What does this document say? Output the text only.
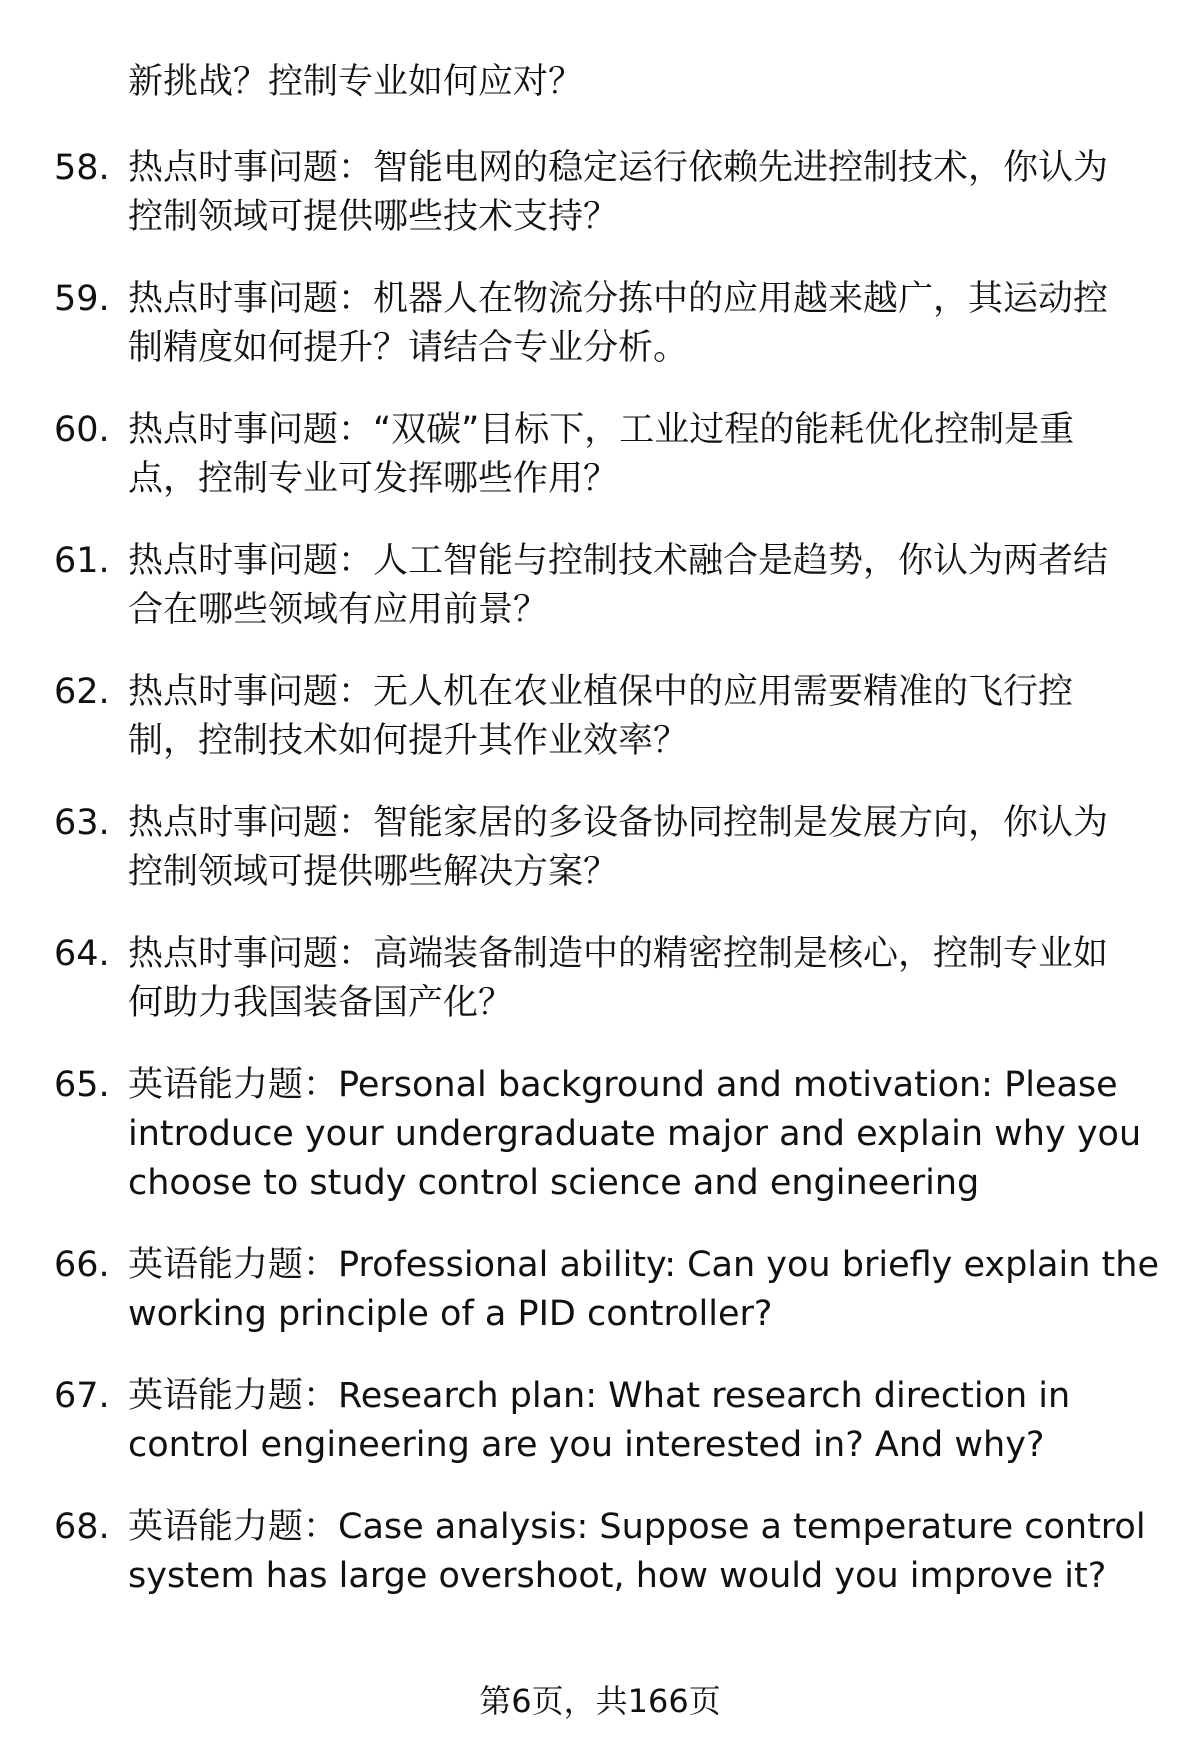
新挑战？控制专业如何应对？
58. 热点时事问题：智能电网的稳定运行依赖先进控制技术，你认为
控制领域可提供哪些技术支持？
59. 热点时事问题：机器人在物流分拣中的应用越来越广，其运动控
制精度如何提升？请结合专业分析。
60. 热点时事问题：“双碳”目标下，工业过程的能耗优化控制是重
点，控制专业可发挥哪些作用？
61. 热点时事问题：人工智能与控制技术融合是趋势，你认为两者结
合在哪些领域有应用前景？
62. 热点时事问题：无人机在农业植保中的应用需要精准的飞行控
制，控制技术如何提升其作业效率？
63. 热点时事问题：智能家居的多设备协同控制是发展方向，你认为
控制领域可提供哪些解决方案？
64. 热点时事问题：高端装备制造中的精密控制是核心，控制专业如
何助力我国装备国产化？
65. 英语能力题：Personal background and motivation: Please
introduce your undergraduate major and explain why you
choose to study control science and engineering
66. 英语能力题：Professional ability: Can you briefly explain the
working principle of a PID controller?
67. 英语能力题：Research plan: What research direction in
control engineering are you interested in? And why?
68. 英语能力题：Case analysis: Suppose a temperature control
system has large overshoot, how would you improve it?
第6页，共166页
